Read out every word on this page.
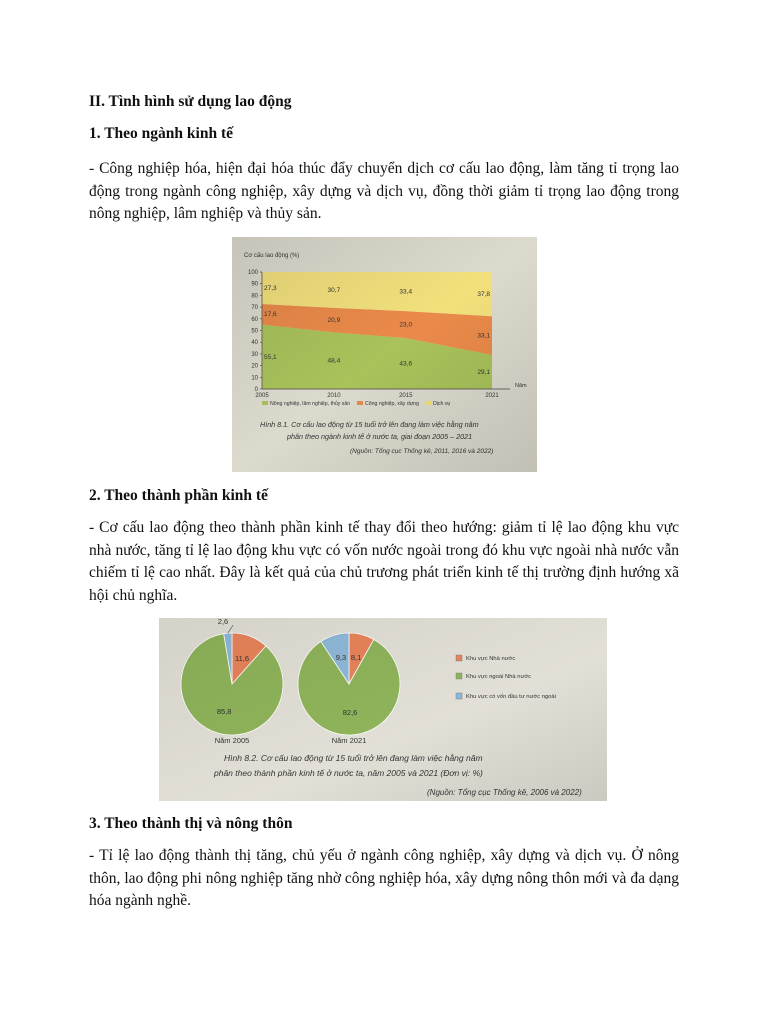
II. Tình hình sử dụng lao động
1. Theo ngành kinh tế
- Công nghiệp hóa, hiện đại hóa thúc đẩy chuyển dịch cơ cấu lao động, làm tăng tỉ trọng lao động trong ngành công nghiệp, xây dựng và dịch vụ, đồng thời giảm tỉ trọng lao động trong nông nghiệp, lâm nghiệp và thủy sản.
2. Theo thành phần kinh tế
- Cơ cấu lao động theo thành phần kinh tế thay đổi theo hướng: giảm tỉ lệ lao động khu vực nhà nước, tăng tỉ lệ lao động khu vực có vốn nước ngoài trong đó khu vực ngoài nhà nước vẫn chiếm tỉ lệ cao nhất. Đây là kết quả của chủ trương phát triển kinh tế thị trường định hướng xã hội chủ nghĩa.
3. Theo thành thị và nông thôn
- Tỉ lệ lao động thành thị tăng, chủ yếu ở ngành công nghiệp, xây dựng và dịch vụ. Ở nông thôn, lao động phi nông nghiệp tăng nhờ công nghiệp hóa, xây dựng nông thôn mới và đa dạng hóa ngành nghề.
